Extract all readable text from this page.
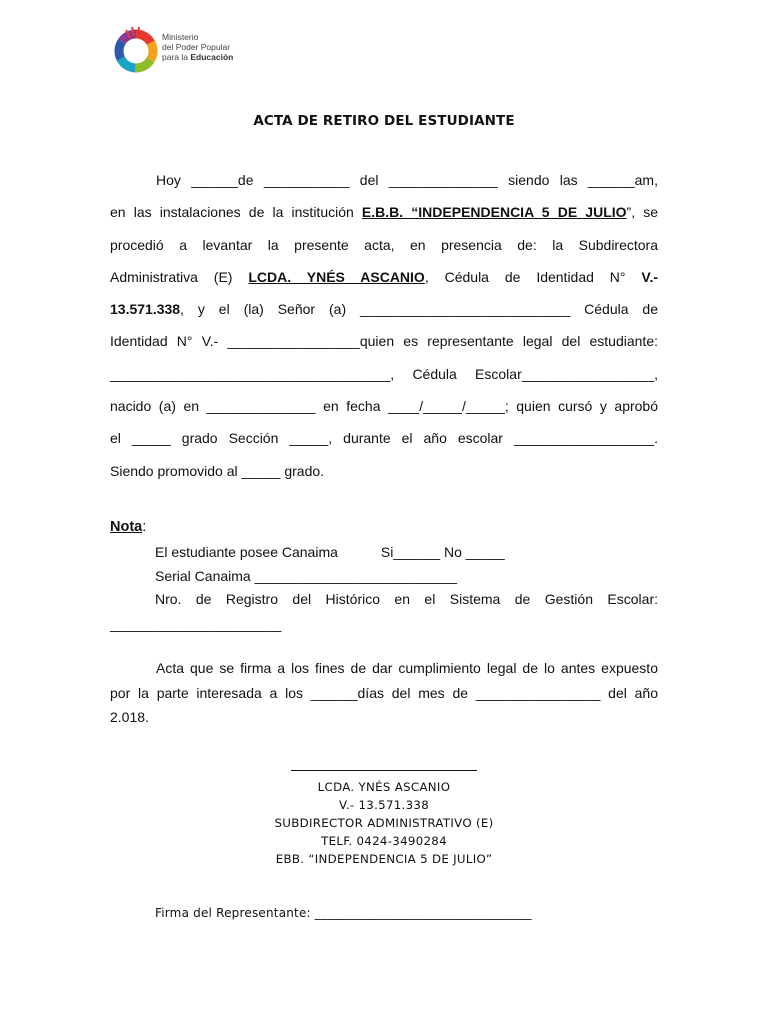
Ministerio
del Poder Popular
para la Educación
ACTA DE RETIRO DEL ESTUDIANTE
Hoy ______de ___________ del ______________ siendo las ______am,
en las instalaciones de la institución E.B.B. “INDEPENDENCIA 5 DE JULIO”, se
procedió a levantar la presente acta, en presencia de: la Subdirectora
Administrativa (E) LCDA. YNÉS ASCANIO, Cédula de Identidad N° V.-
13.571.338, y el (la) Señor (a) ___________________________ Cédula de
Identidad N° V.- _________________quien es representante legal del estudiante:
____________________________________, Cédula Escolar_________________,
nacido (a) en ______________ en fecha ____/_____/_____; quien cursó y aprobó
el _____ grado Sección _____, durante el año escolar __________________.
Siendo promovido al _____ grado.
Nota:
El estudiante posee Canaima	Si______ No _____
Serial Canaima __________________________
Nro. de Registro del Histórico en el Sistema de Gestión Escolar:
______________________
Acta que se firma a los fines de dar cumplimiento legal de lo antes expuesto
por la parte interesada a los ______días del mes de ________________ del año
2.018.
LCDA. YNÉS ASCANIO
V.- 13.571.338
SUBDIRECTOR ADMINISTRATIVO (E)
TELF. 0424-3490284
EBB. “INDEPENDENCIA 5 DE JULIO”
Firma del Representante: ___________________________________
